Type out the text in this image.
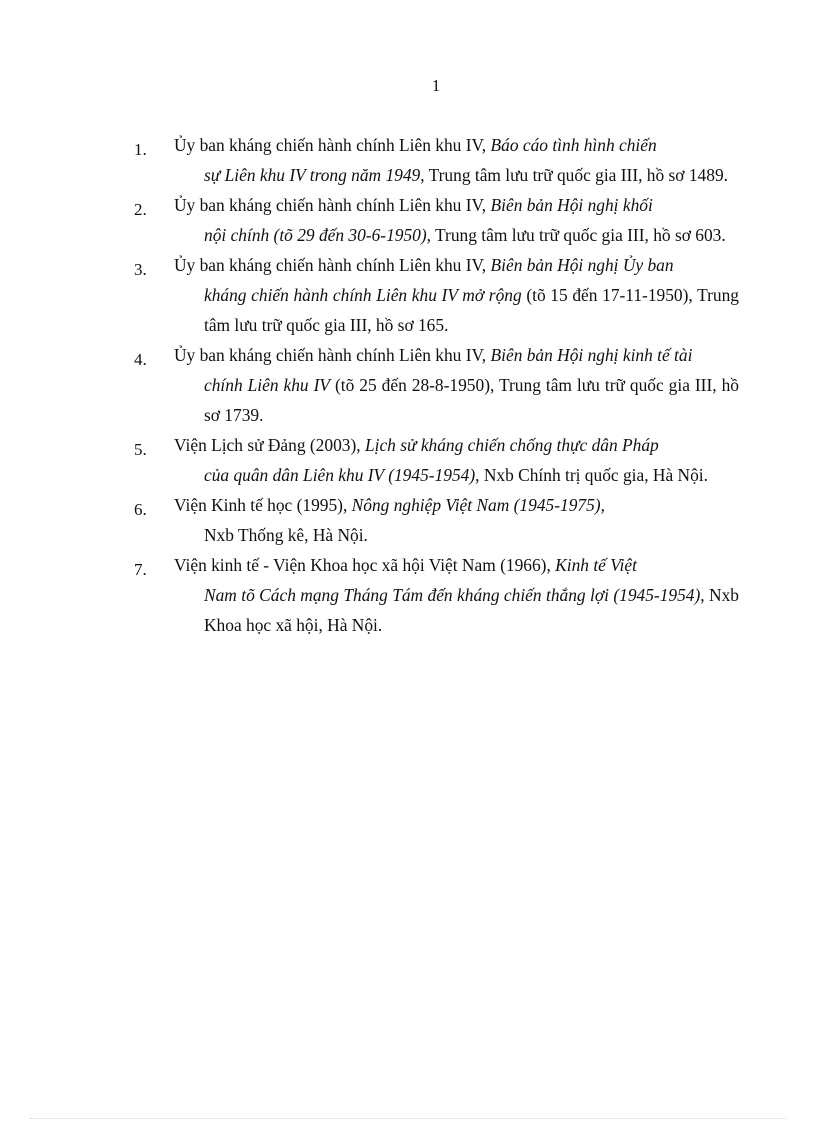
1
1. Ủy ban kháng chiến hành chính Liên khu IV, Báo cáo tình hình chiến
sự Liên khu IV trong năm 1949, Trung tâm lưu trữ quốc gia III, hồ sơ 1489.
2. Ủy ban kháng chiến hành chính Liên khu IV, Biên bản Hội nghị khối
nội chính (tõ 29 đến 30-6-1950), Trung tâm lưu trữ quốc gia III, hồ sơ 603.
3. Ủy ban kháng chiến hành chính Liên khu IV, Biên bản Hội nghị Ủy ban
kháng chiến hành chính Liên khu IV mở rộng (tõ 15 đến 17-11-1950), Trung tâm lưu trữ quốc gia III, hồ sơ 165.
4. Ủy ban kháng chiến hành chính Liên khu IV, Biên bản Hội nghị kinh tế tài
chính Liên khu IV (tõ 25 đến 28-8-1950), Trung tâm lưu trữ quốc gia III, hồ sơ 1739.
5. Viện Lịch sử Đảng (2003), Lịch sử kháng chiến chống thực dân Pháp
của quân dân Liên khu IV (1945-1954), Nxb Chính trị quốc gia, Hà Nội.
6. Viện Kinh tế học (1995), Nông nghiệp Việt Nam (1945-1975),
Nxb Thống kê, Hà Nội.
7. Viện kinh tế - Viện Khoa học xã hội Việt Nam (1966), Kinh tế Việt
Nam tõ Cách mạng Tháng Tám đến kháng chiến thắng lợi (1945-1954), Nxb Khoa học xã hội, Hà Nội.
